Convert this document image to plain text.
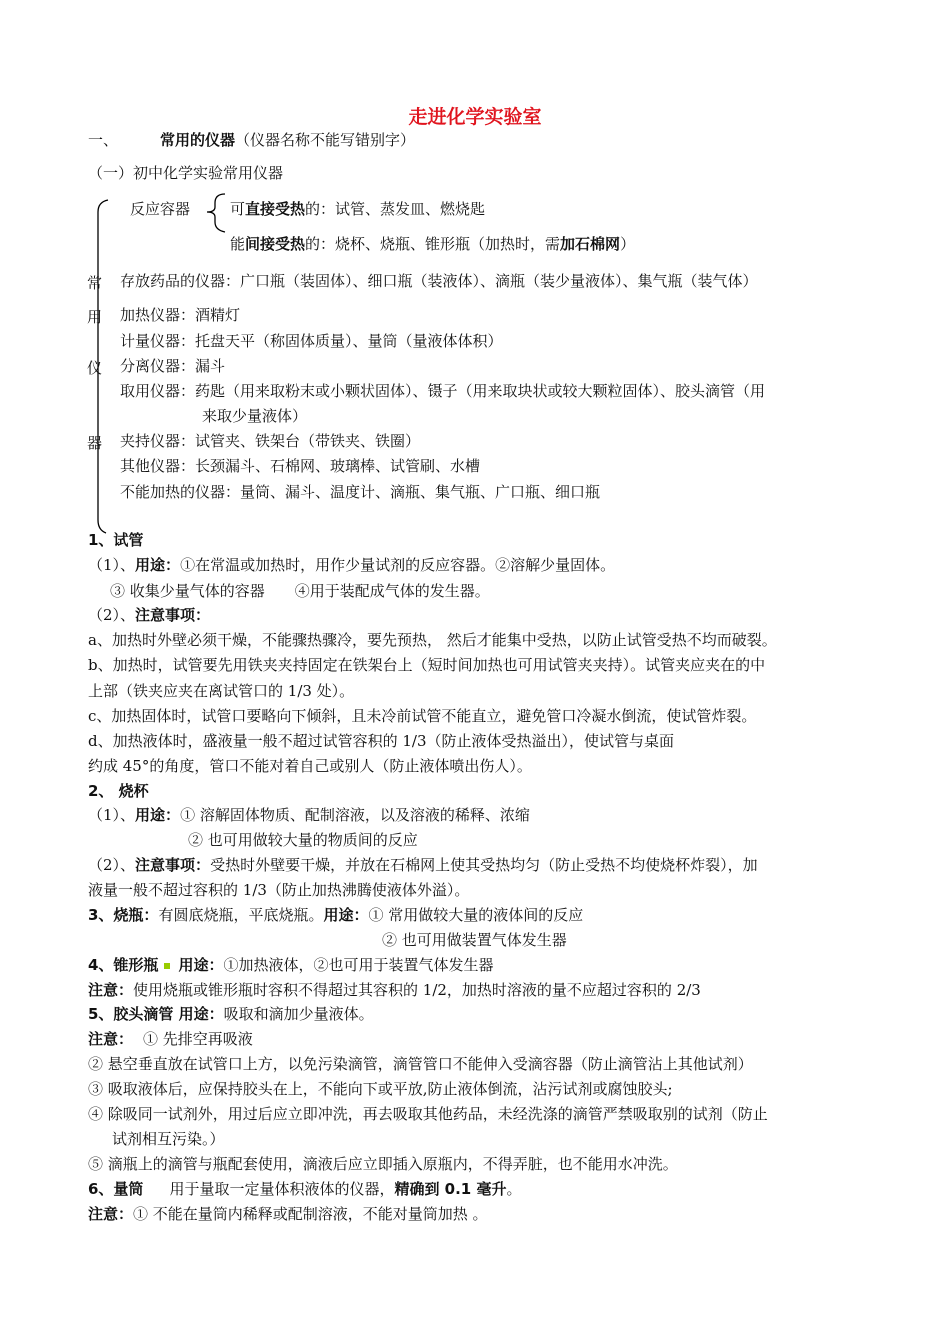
走进化学实验室
一、	常用的仪器（仪器名称不能写错别字）
（一）初中化学实验常用仪器
常
用
仪
器
反应容器	可直接受热的：试管、蒸发皿、燃烧匙
能间接受热的：烧杯、烧瓶、锥形瓶（加热时，需加石棉网）
存放药品的仪器：广口瓶（装固体）、细口瓶（装液体）、滴瓶（装少量液体）、集气瓶（装气体）
加热仪器：酒精灯
计量仪器：托盘天平（称固体质量）、量筒（量液体体积）
分离仪器：漏斗
取用仪器：药匙（用来取粉末或小颗状固体）、镊子（用来取块状或较大颗粒固体）、胶头滴管（用
来取少量液体）
夹持仪器：试管夹、铁架台（带铁夹、铁圈）
其他仪器：长颈漏斗、石棉网、玻璃棒、试管刷、水槽
不能加热的仪器：量筒、漏斗、温度计、滴瓶、集气瓶、广口瓶、细口瓶
1、试管
（1）、用途：①在常温或加热时，用作少量试剂的反应容器。②溶解少量固体。
③ 收集少量气体的容器　　④用于装配成气体的发生器。
（2）、注意事项：
a、加热时外壁必须干燥，不能骤热骤冷，要先预热， 然后才能集中受热，以防止试管受热不均而破裂。
b、加热时，试管要先用铁夹夹持固定在铁架台上（短时间加热也可用试管夹夹持）。试管夹应夹在的中
上部（铁夹应夹在离试管口的 1/3 处）。
c、加热固体时，试管口要略向下倾斜，且未冷前试管不能直立，避免管口冷凝水倒流，使试管炸裂。
d、加热液体时，盛液量一般不超过试管容积的 1/3（防止液体受热溢出），使试管与桌面
约成 45°的角度，管口不能对着自己或别人（防止液体喷出伤人）。
2、 烧杯
（1）、用途：① 溶解固体物质、配制溶液，以及溶液的稀释、浓缩
② 也可用做较大量的物质间的反应
（2）、注意事项：受热时外壁要干燥，并放在石棉网上使其受热均匀（防止受热不均使烧杯炸裂），加
液量一般不超过容积的 1/3（防止加热沸腾使液体外溢）。
3、烧瓶：有圆底烧瓶，平底烧瓶。用途：① 常用做较大量的液体间的反应
② 也可用做装置气体发生器
4、锥形瓶 用途：①加热液体，②也可用于装置气体发生器
注意：使用烧瓶或锥形瓶时容积不得超过其容积的 1/2，加热时溶液的量不应超过容积的 2/3
5、胶头滴管 用途：吸取和滴加少量液体。
注意： ① 先排空再吸液
② 悬空垂直放在试管口上方，以免污染滴管，滴管管口不能伸入受滴容器（防止滴管沾上其他试剂）
③ 吸取液体后，应保持胶头在上，不能向下或平放,防止液体倒流，沾污试剂或腐蚀胶头;
④ 除吸同一试剂外，用过后应立即冲洗，再去吸取其他药品，未经洗涤的滴管严禁吸取别的试剂（防止
试剂相互污染。）
⑤ 滴瓶上的滴管与瓶配套使用，滴液后应立即插入原瓶内，不得弄脏，也不能用水冲洗。
6、量筒 用于量取一定量体积液体的仪器，精确到 0.1 毫升。
注意：① 不能在量筒内稀释或配制溶液，不能对量筒加热 。
